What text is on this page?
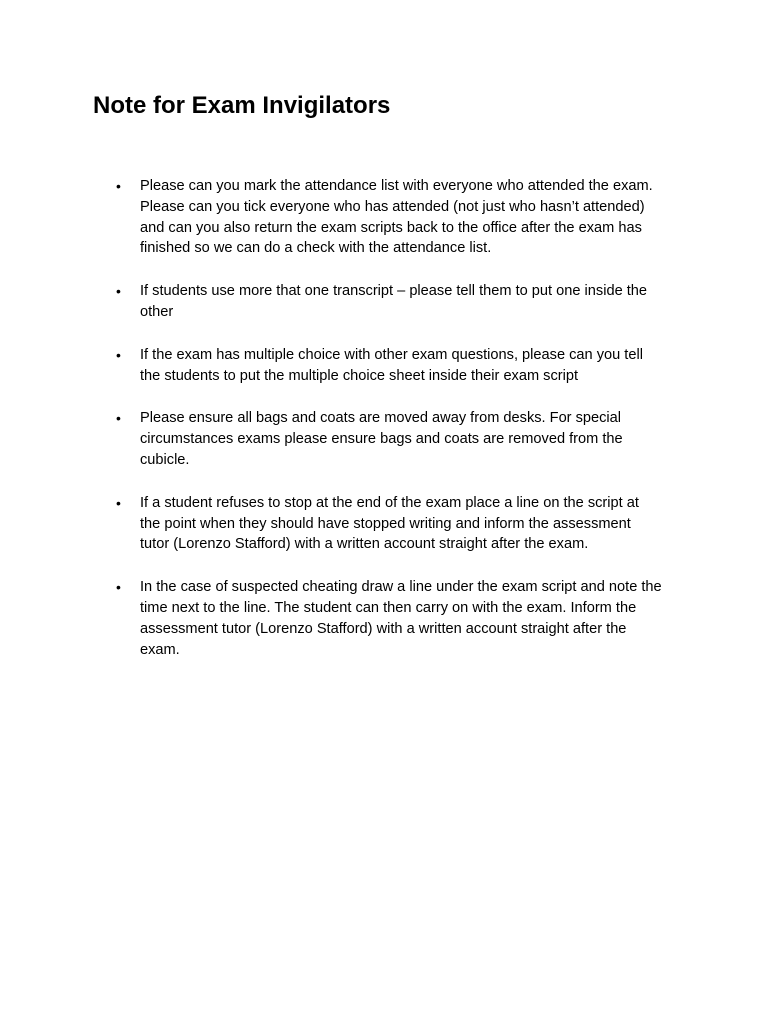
Note for Exam Invigilators
• Please can you mark the attendance list with everyone who attended the exam. Please can you tick everyone who has attended (not just who hasn’t attended) and can you also return the exam scripts back to the office after the exam has finished so we can do a check with the attendance list.
• If students use more that one transcript – please tell them to put one inside the other
• If the exam has multiple choice with other exam questions, please can you tell the students to put the multiple choice sheet inside their exam script
• Please ensure all bags and coats are moved away from desks. For special circumstances exams please ensure bags and coats are removed from the cubicle.
• If a student refuses to stop at the end of the exam place a line on the script at the point when they should have stopped writing and inform the assessment tutor (Lorenzo Stafford) with a written account straight after the exam.
• In the case of suspected cheating draw a line under the exam script and note the time next to the line. The student can then carry on with the exam. Inform the assessment tutor (Lorenzo Stafford) with a written account straight after the exam.
